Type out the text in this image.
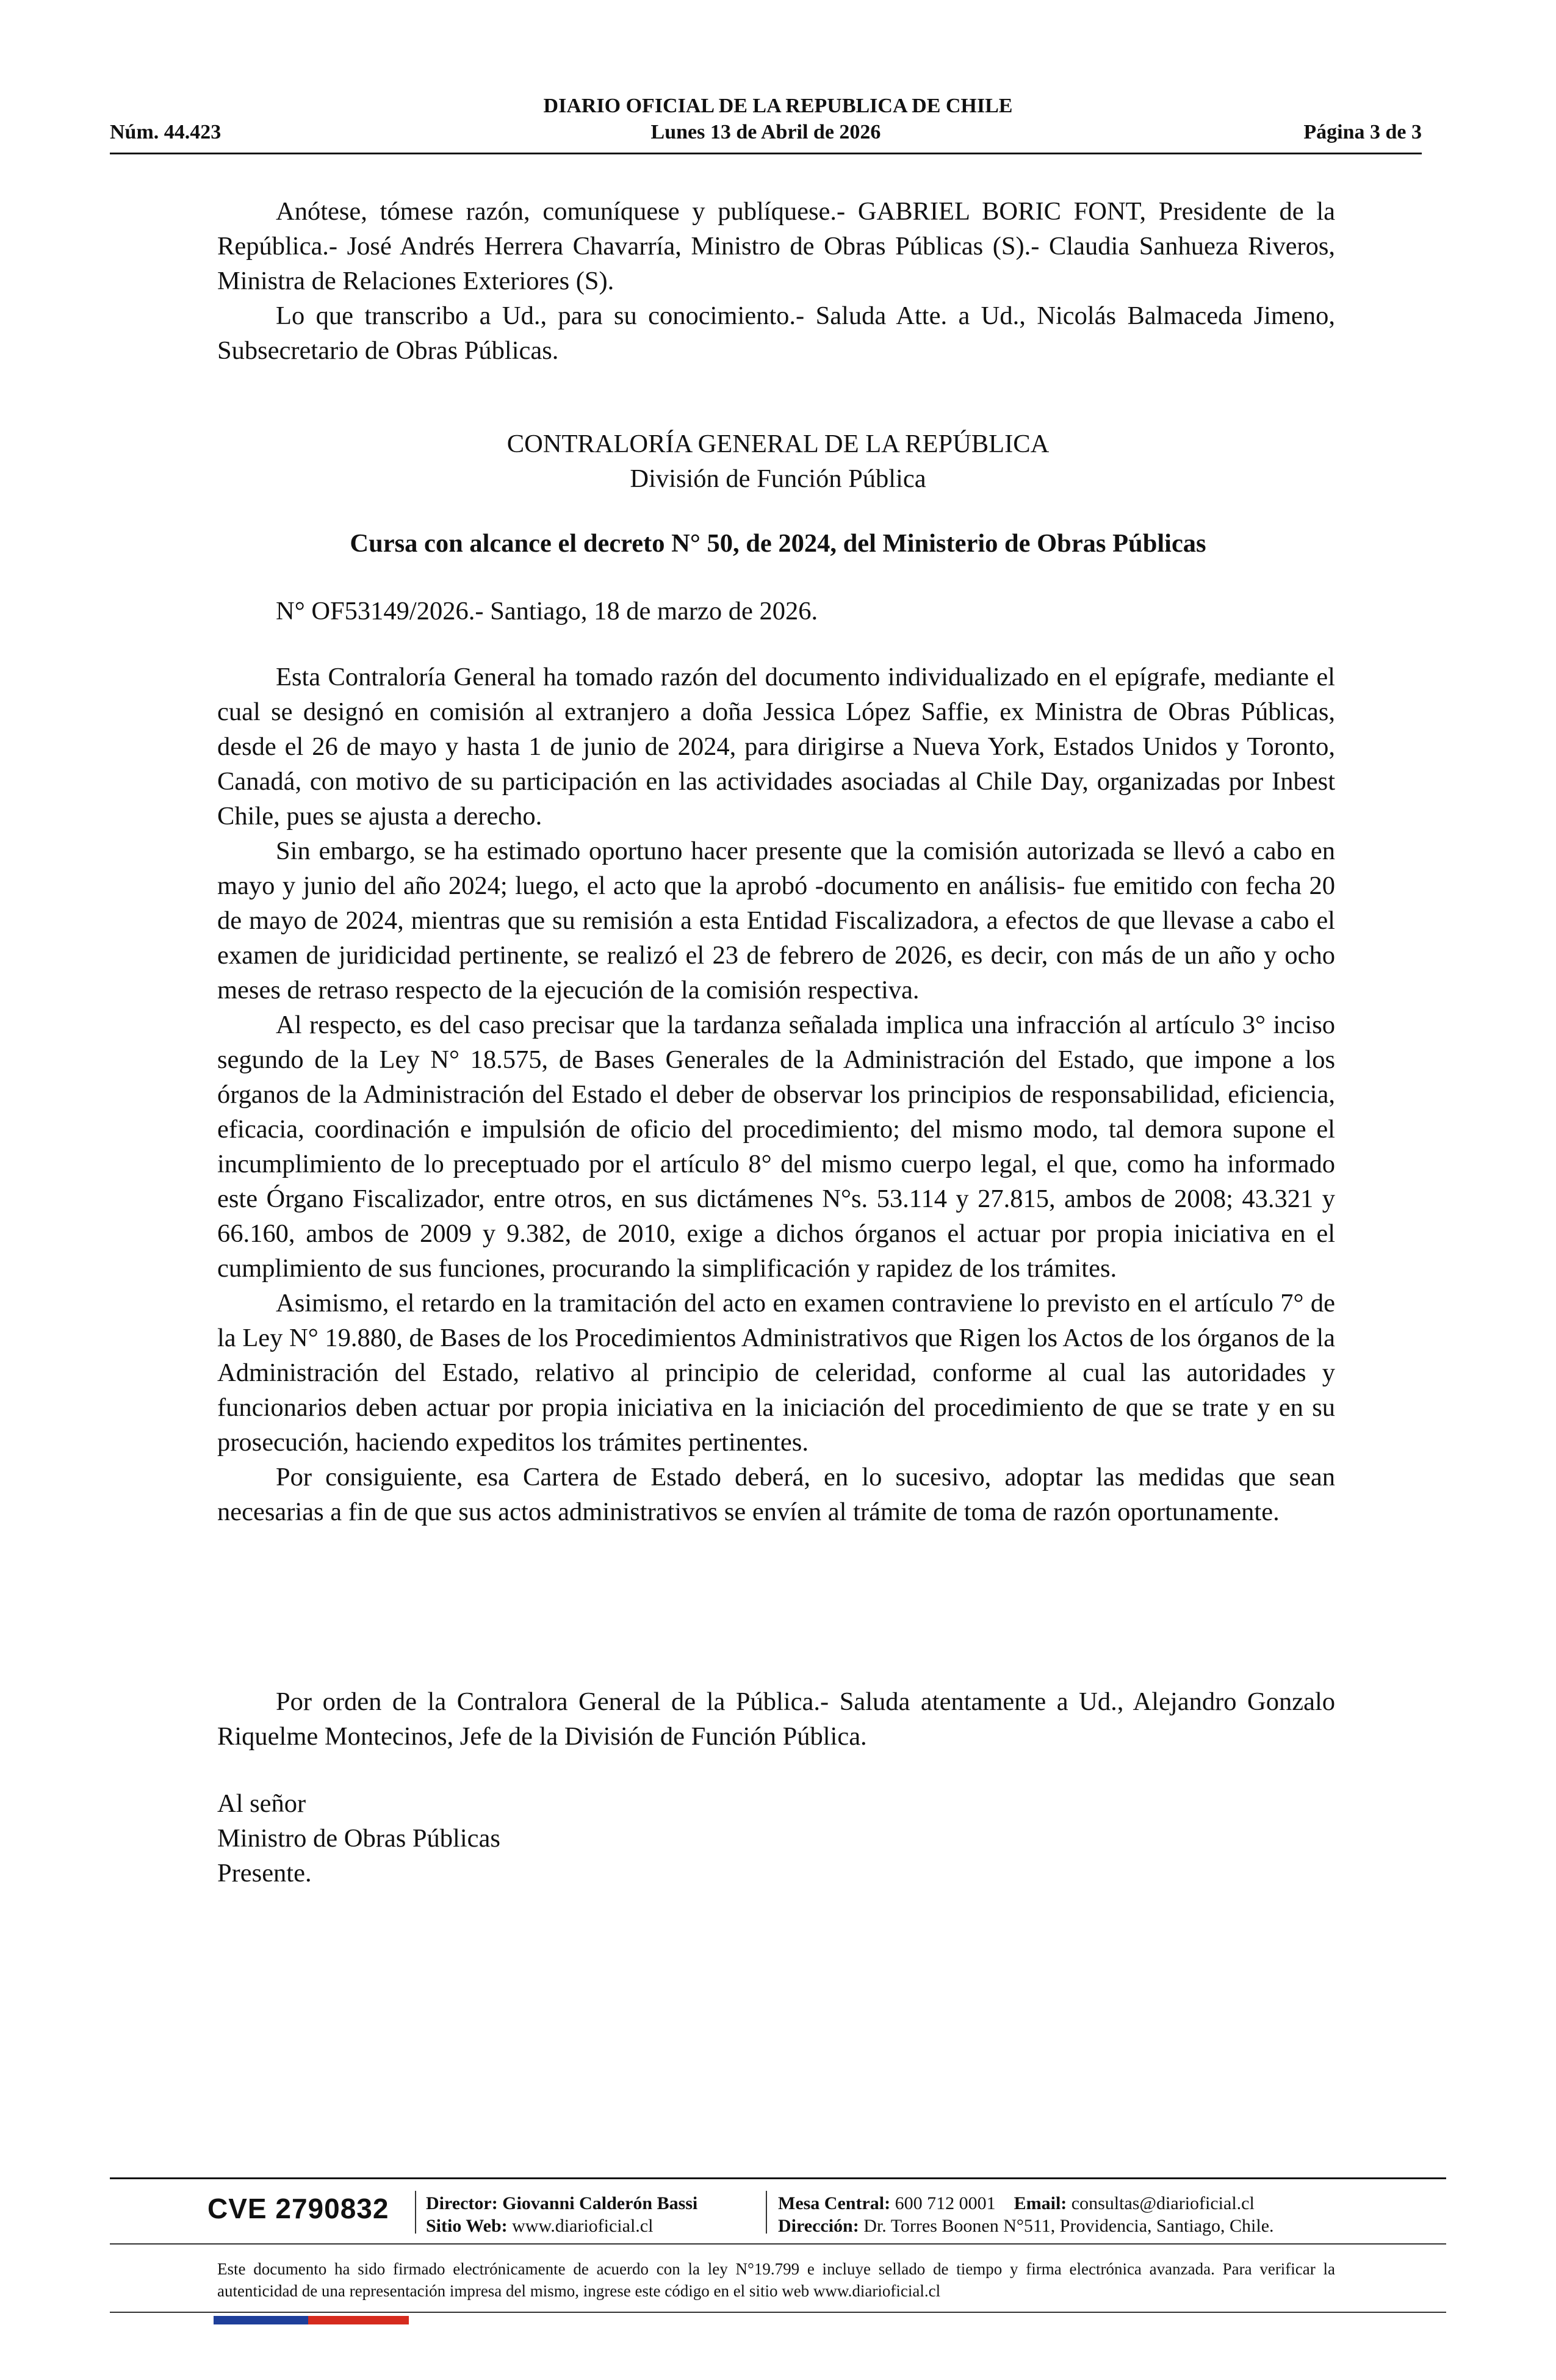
DIARIO OFICIAL DE LA REPUBLICA DE CHILE
Núm. 44.423	Lunes 13 de Abril de 2026	Página 3 de 3

Anótese, tómese razón, comuníquese y publíquese.- GABRIEL BORIC FONT, Presidente de la República.- José Andrés Herrera Chavarría, Ministro de Obras Públicas (S).- Claudia Sanhueza Riveros, Ministra de Relaciones Exteriores (S).

Lo que transcribo a Ud., para su conocimiento.- Saluda Atte. a Ud., Nicolás Balmaceda Jimeno, Subsecretario de Obras Públicas.

CONTRALORÍA GENERAL DE LA REPÚBLICA
División de Función Pública
Cursa con alcance el decreto N° 50, de 2024, del Ministerio de Obras Públicas

N° OF53149/2026.- Santiago, 18 de marzo de 2026.

Esta Contraloría General ha tomado razón del documento individualizado en el epígrafe, mediante el cual se designó en comisión al extranjero a doña Jessica López Saffie, ex Ministra de Obras Públicas, desde el 26 de mayo y hasta 1 de junio de 2024, para dirigirse a Nueva York, Estados Unidos y Toronto, Canadá, con motivo de su participación en las actividades asociadas al Chile Day, organizadas por Inbest Chile, pues se ajusta a derecho.

Sin embargo, se ha estimado oportuno hacer presente que la comisión autorizada se llevó a cabo en mayo y junio del año 2024; luego, el acto que la aprobó -documento en análisis- fue emitido con fecha 20 de mayo de 2024, mientras que su remisión a esta Entidad Fiscalizadora, a efectos de que llevase a cabo el examen de juridicidad pertinente, se realizó el 23 de febrero de 2026, es decir, con más de un año y ocho meses de retraso respecto de la ejecución de la comisión respectiva.

Al respecto, es del caso precisar que la tardanza señalada implica una infracción al artículo 3° inciso segundo de la Ley N° 18.575, de Bases Generales de la Administración del Estado, que impone a los órganos de la Administración del Estado el deber de observar los principios de responsabilidad, eficiencia, eficacia, coordinación e impulsión de oficio del procedimiento; del mismo modo, tal demora supone el incumplimiento de lo preceptuado por el artículo 8° del mismo cuerpo legal, el que, como ha informado este Órgano Fiscalizador, entre otros, en sus dictámenes N°s. 53.114 y 27.815, ambos de 2008; 43.321 y 66.160, ambos de 2009 y 9.382, de 2010, exige a dichos órganos el actuar por propia iniciativa en el cumplimiento de sus funciones, procurando la simplificación y rapidez de los trámites.

Asimismo, el retardo en la tramitación del acto en examen contraviene lo previsto en el artículo 7° de la Ley N° 19.880, de Bases de los Procedimientos Administrativos que Rigen los Actos de los órganos de la Administración del Estado, relativo al principio de celeridad, conforme al cual las autoridades y funcionarios deben actuar por propia iniciativa en la iniciación del procedimiento de que se trate y en su prosecución, haciendo expeditos los trámites pertinentes.

Por consiguiente, esa Cartera de Estado deberá, en lo sucesivo, adoptar las medidas que sean necesarias a fin de que sus actos administrativos se envíen al trámite de toma de razón oportunamente.

Por orden de la Contralora General de la Pública.- Saluda atentamente a Ud., Alejandro Gonzalo Riquelme Montecinos, Jefe de la División de Función Pública.

Al señor
Ministro de Obras Públicas
Presente.
CVE 2790832 Director: Giovanni Calderón Bassi
Sitio Web: www.diarioficial.cl
Mesa Central: 600 712 0001 Email: consultas@diarioficial.cl
Dirección: Dr. Torres Boonen N°511, Providencia, Santiago, Chile.
Este documento ha sido firmado electrónicamente de acuerdo con la ley N°19.799 e incluye sellado de tiempo y firma electrónica avanzada. Para verificar la autenticidad de una representación impresa del mismo, ingrese este código en el sitio web www.diarioficial.cl
